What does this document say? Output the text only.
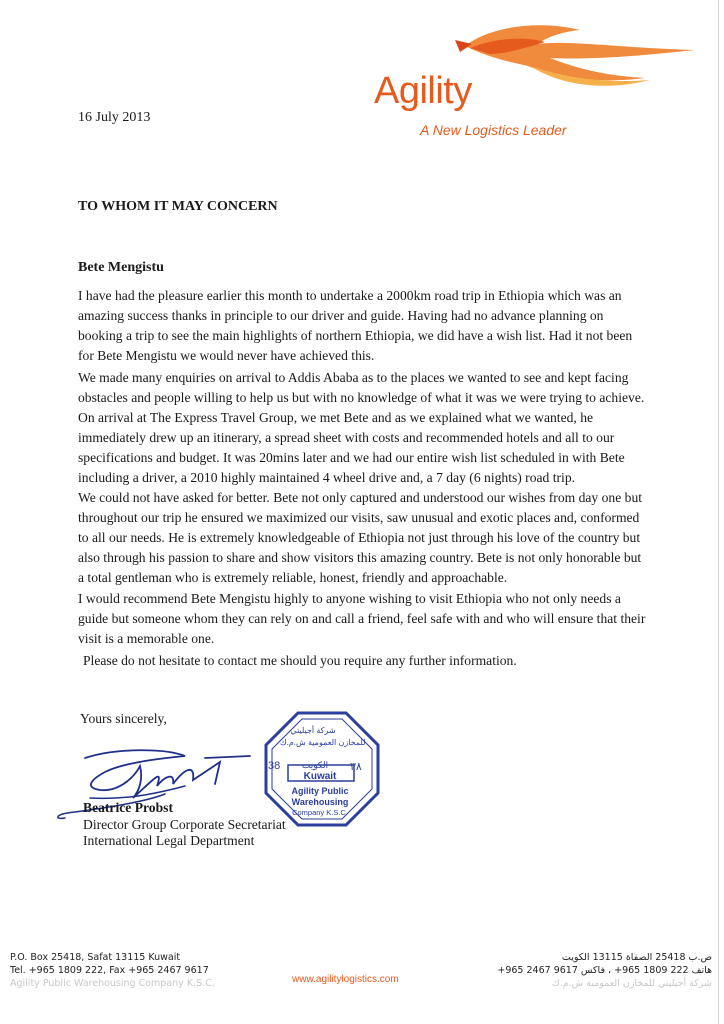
Agility
A New Logistics Leader
16 July 2013
TO WHOM IT MAY CONCERN
Bete Mengistu

I have had the pleasure earlier this month to undertake a 2000km road trip in Ethiopia which was an amazing success thanks in principle to our driver and guide. Having had no advance planning on booking a trip to see the main highlights of northern Ethiopia, we did have a wish list. Had it not been for Bete Mengistu we would never have achieved this.

We made many enquiries on arrival to Addis Ababa as to the places we wanted to see and kept facing obstacles and people willing to help us but with no knowledge of what it was we were trying to achieve. On arrival at The Express Travel Group, we met Bete and as we explained what we wanted, he immediately drew up an itinerary, a spread sheet with costs and recommended hotels and all to our specifications and budget. It was 20mins later and we had our entire wish list scheduled in with Bete including a driver, a 2010 highly maintained 4 wheel drive and, a 7 day (6 nights) road trip.

We could not have asked for better. Bete not only captured and understood our wishes from day one but throughout our trip he ensured we maximized our visits, saw unusual and exotic places and, conformed to all our needs. He is extremely knowledgeable of Ethiopia not just through his love of the country but also through his passion to share and show visitors this amazing country. Bete is not only honorable but a total gentleman who is extremely reliable, honest, friendly and approachable.

I would recommend Bete Mengistu highly to anyone wishing to visit Ethiopia who not only needs a guide but someone whom they can rely on and call a friend, feel safe with and who will ensure that their visit is a memorable one.

Please do not hesitate to contact me should you require any further information.

Yours sincerely,
شركة أجيليتي
للمخازن العمومية ش.م.ك
38	٣٨
الكويت
Kuwait
Agility Public
Warehousing
Company K.S.C.
Beatrice Probst
Director Group Corporate Secretariat
International Legal Department
P.O. Box 25418, Safat 13115 Kuwait
Tel. +965 1809 222, Fax +965 2467 9617
Agility Public Warehousing Company K.S.C.	www.agilitylogistics.com
ص.ب 25418 الصفاة 13115 الكويت
هاتف 222 1809 965+ ، فاكس 9617 2467 965+
شركة أجيليتي للمخازن العمومية ش.م.ك
